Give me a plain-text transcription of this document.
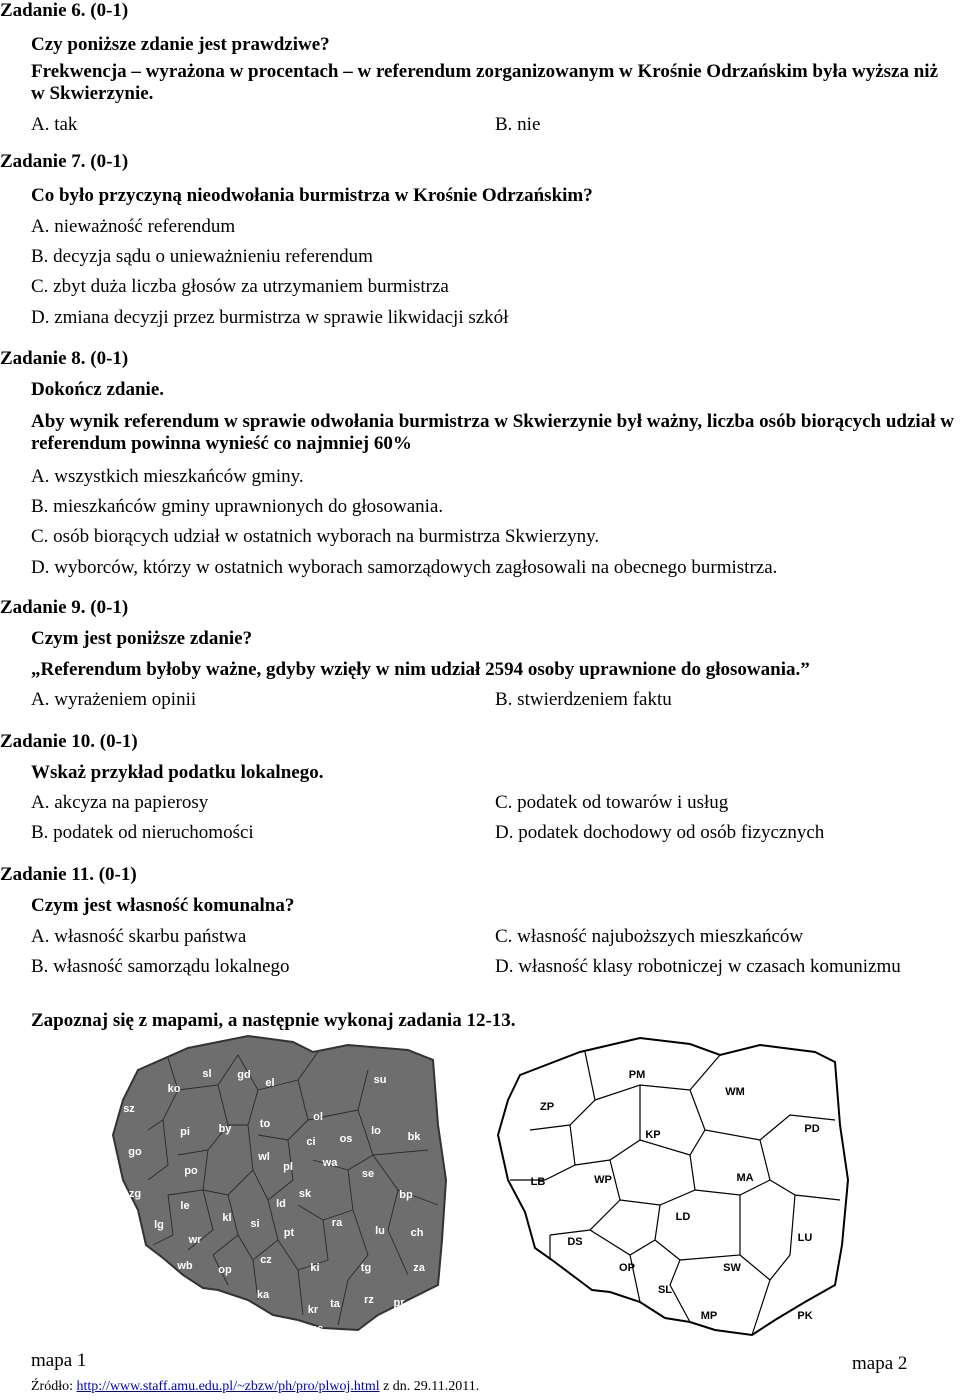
Zadanie 6. (0-1)
Czy poniższe zdanie jest prawdziwe?
Frekwencja – wyrażona w procentach – w referendum zorganizowanym w Krośnie Odrzańskim była wyższa niż w Skwierzynie.
A. tak	B. nie
Zadanie 7. (0-1)
Co było przyczyną nieodwołania burmistrza w Krośnie Odrzańskim?
A. nieważność referendum
B. decyzja sądu o unieważnieniu referendum
C. zbyt duża liczba głosów za utrzymaniem burmistrza
D. zmiana decyzji przez burmistrza w sprawie likwidacji szkół
Zadanie 8. (0-1)
Dokończ zdanie.
Aby wynik referendum w sprawie odwołania burmistrza w Skwierzynie był ważny, liczba osób biorących udział w referendum powinna wynieść co najmniej 60%
A. wszystkich mieszkańców gminy.
B. mieszkańców gminy uprawnionych do głosowania.
C. osób biorących udział w ostatnich wyborach na burmistrza Skwierzyny.
D. wyborców, którzy w ostatnich wyborach samorządowych zagłosowali na obecnego burmistrza.
Zadanie 9. (0-1)
Czym jest poniższe zdanie?
„Referendum byłoby ważne, gdyby wzięły w nim udział 2594 osoby uprawnione do głosowania.”
A. wyrażeniem opinii	B. stwierdzeniem faktu
Zadanie 10. (0-1)
Wskaż przykład podatku lokalnego.
A. akcyza na papierosy	C. podatek od towarów i usług
B. podatek od nieruchomości	D. podatek dochodowy od osób fizycznych
Zadanie 11. (0-1)
Czym jest własność komunalna?
A. własność skarbu państwa	C. własność najuboższych mieszkańców
B. własność samorządu lokalnego	D. własność klasy robotniczej w czasach komunizmu
Zapoznaj się z mapami, a następnie wykonaj zadania 12-13.
sl gd
el	su
ko
ol
sz
pi	by	to
lo bk
ci os
go	wl
po	pl	wa
se
zg
le
sk	bp
lg
ld
kl si	ra
lu
jg	wr
pt	ch
wb op
cz
ki	tg	za
ka
kr ta rz pr
ns	ks
mapa 1
PM
WM
ZP
KP	PD
LB	WP	MA
LD
LU
DS
OP	SW
SL
MP	PK
mapa 2
Źródło: http://www.staff.amu.edu.pl/~zbzw/ph/pro/plwoj.html z dn. 29.11.2011.
